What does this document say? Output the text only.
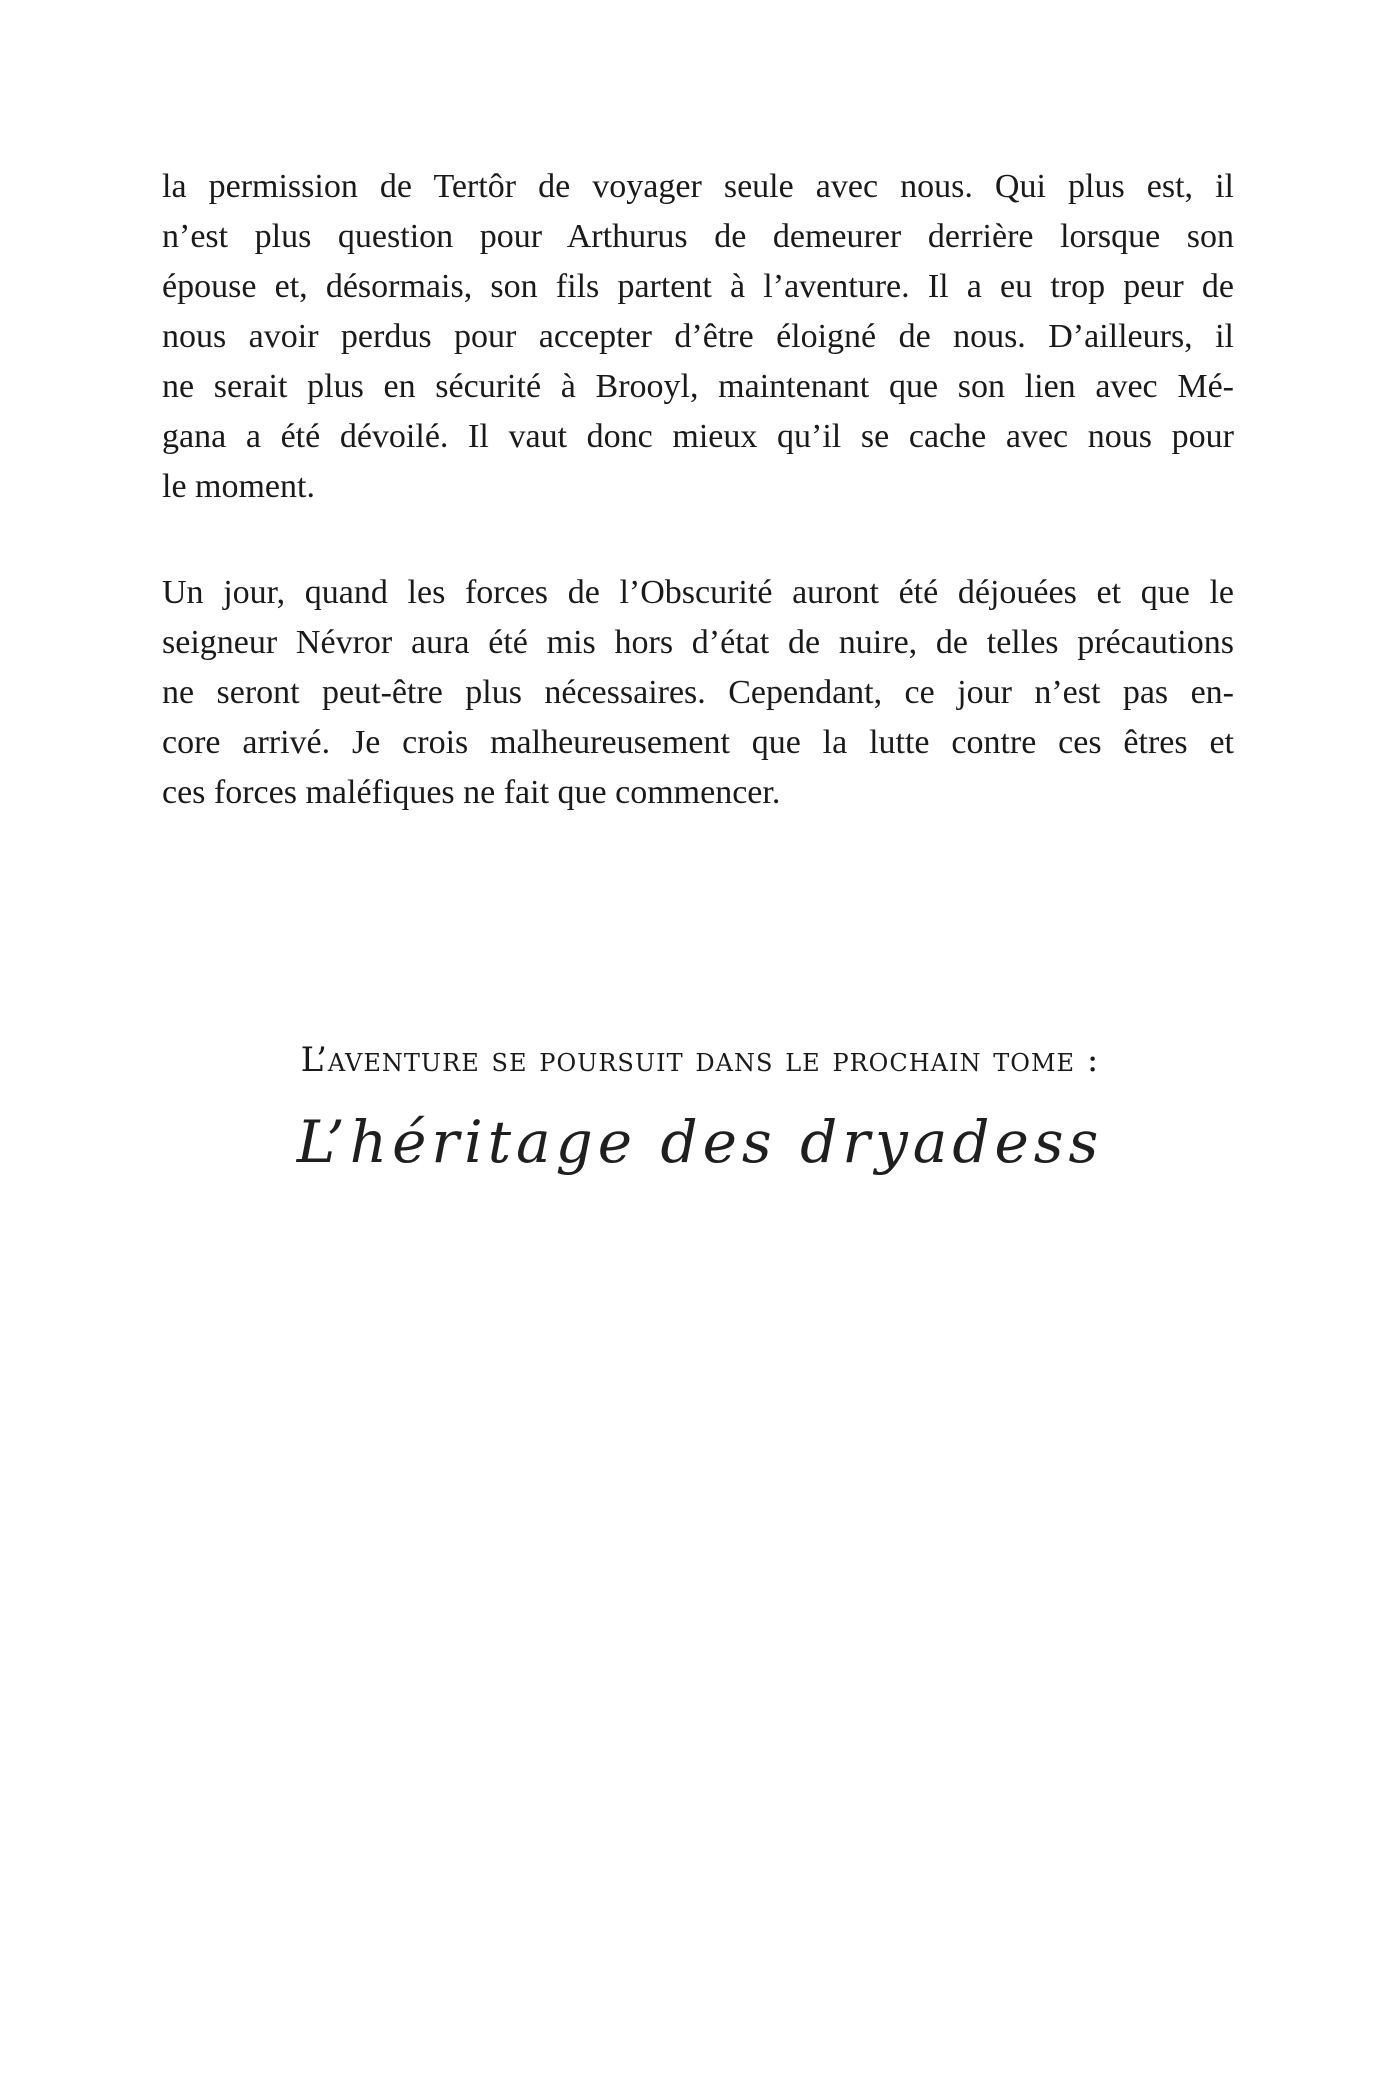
la permission de Tertôr de voyager seule avec nous. Qui plus est, il
n’est plus question pour Arthurus de demeurer derrière lorsque son
épouse et, désormais, son fils partent à l’aventure. Il a eu trop peur de
nous avoir perdus pour accepter d’être éloigné de nous. D’ailleurs, il
ne serait plus en sécurité à Brooyl, maintenant que son lien avec Mé-
gana a été dévoilé. Il vaut donc mieux qu’il se cache avec nous pour
le moment.
Un jour, quand les forces de l’Obscurité auront été déjouées et que le
seigneur Névror aura été mis hors d’état de nuire, de telles précautions
ne seront peut-être plus nécessaires. Cependant, ce jour n’est pas en-
core arrivé. Je crois malheureusement que la lutte contre ces êtres et
ces forces maléfiques ne fait que commencer.
L’aventure se poursuit dans le prochain tome :
L’héritage des dryadess
